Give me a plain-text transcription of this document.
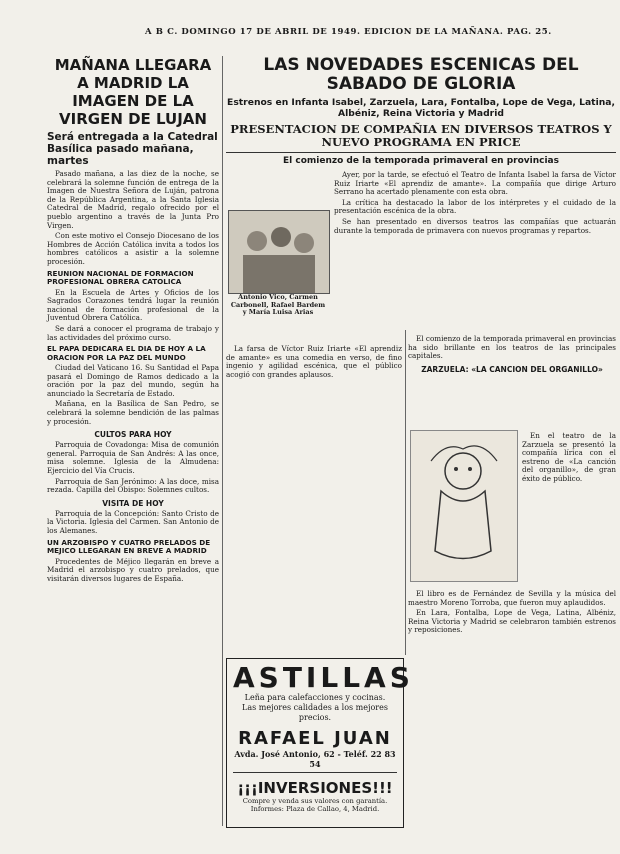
A B C. DOMINGO 17 DE ABRIL DE 1949. EDICION DE LA MAÑANA. PAG. 25.
MAÑANA LLEGARA A MADRID LA IMAGEN DE LA VIRGEN DE LUJAN
Será entregada a la Catedral Basílica pasado mañana, martes

Pasado mañana, a las diez de la noche, se celebrará la solemne función de entrega de la Imagen de Nuestra Señora de Luján, patrona de la República Argentina, a la Santa Iglesia Catedral de Madrid, regalo ofrecido por el pueblo argentino a través de la Junta Pro Virgen.

Con este motivo el Consejo Diocesano de los Hombres de Acción Católica invita a todos los hombres católicos a asistir a la solemne procesión.

REUNION NACIONAL DE FORMACION PROFESIONAL OBRERA CATOLICA

En la Escuela de Artes y Oficios de los Sagrados Corazones tendrá lugar la reunión nacional de formación profesional de la Juventud Obrera Católica.

Se dará a conocer el programa de trabajo y las actividades del próximo curso.

EL PAPA DEDICARA EL DIA DE HOY A LA ORACION POR LA PAZ DEL MUNDO

Ciudad del Vaticano 16. Su Santidad el Papa pasará el Domingo de Ramos dedicado a la oración por la paz del mundo, según ha anunciado la Secretaría de Estado.

Mañana, en la Basílica de San Pedro, se celebrará la solemne bendición de las palmas y procesión.

CULTOS PARA HOY

Parroquia de Covadonga: Misa de comunión general. Parroquia de San Andrés: A las once, misa solemne. Iglesia de la Almudena: Ejercicio del Vía Crucis.

Parroquia de San Jerónimo: A las doce, misa rezada. Capilla del Obispo: Solemnes cultos.

VISITA DE HOY

Parroquia de la Concepción: Santo Cristo de la Victoria. Iglesia del Carmen. San Antonio de los Alemanes.

UN ARZOBISPO Y CUATRO PRELADOS DE MEJICO LLEGARAN EN BREVE A MADRID

Procedentes de Méjico llegarán en breve a Madrid el arzobispo y cuatro prelados, que visitarán diversos lugares de España.

LAS NOVEDADES ESCENICAS DEL SABADO DE GLORIA
Estrenos en Infanta Isabel, Zarzuela, Lara, Fontalba, Lope de Vega, Latina, Albéniz, Reina Victoria y Madrid
PRESENTACION DE COMPAÑIA EN DIVERSOS TEATROS Y NUEVO PROGRAMA EN PRICE
El comienzo de la temporada primaveral en provincias

Ayer, por la tarde, se efectuó el Teatro de Infanta Isabel la farsa de Víctor Ruiz Iriarte «El aprendiz de amante». La compañía que dirige Arturo Serrano ha acertado plenamente con esta obra.

La crítica ha destacado la labor de los intérpretes y el cuidado de la presentación escénica de la obra.

Se han presentado en diversos teatros las compañías que actuarán durante la temporada de primavera con nuevos programas y repartos.

Antonio Vico, Carmen Carbonell, Rafael Bardem y María Luisa Arias

La farsa de Víctor Ruiz Iriarte «El aprendiz de amante» es una comedia en verso, de fino ingenio y agilidad escénica, que el público acogió con grandes aplausos.

El comienzo de la temporada primaveral en provincias ha sido brillante en los teatros de las principales capitales.

ZARZUELA: «LA CANCION DEL ORGANILLO»

En el teatro de la Zarzuela se presentó la compañía lírica con el estreno de «La canción del organillo», de gran éxito de público.

El libro es de Fernández de Sevilla y la música del maestro Moreno Torroba, que fueron muy aplaudidos.

En Lara, Fontalba, Lope de Vega, Latina, Albéniz, Reina Victoria y Madrid se celebraron también estrenos y reposiciones.

ASTILLAS
Leña para calefacciones y cocinas.
Las mejores calidades a los mejores precios.
RAFAEL JUAN
Avda. José Antonio, 62 - Teléf. 22 83 54
¡¡¡INVERSIONES!!!
Compre y venda sus valores con garantía. Informes: Plaza de Callao, 4, Madrid.
